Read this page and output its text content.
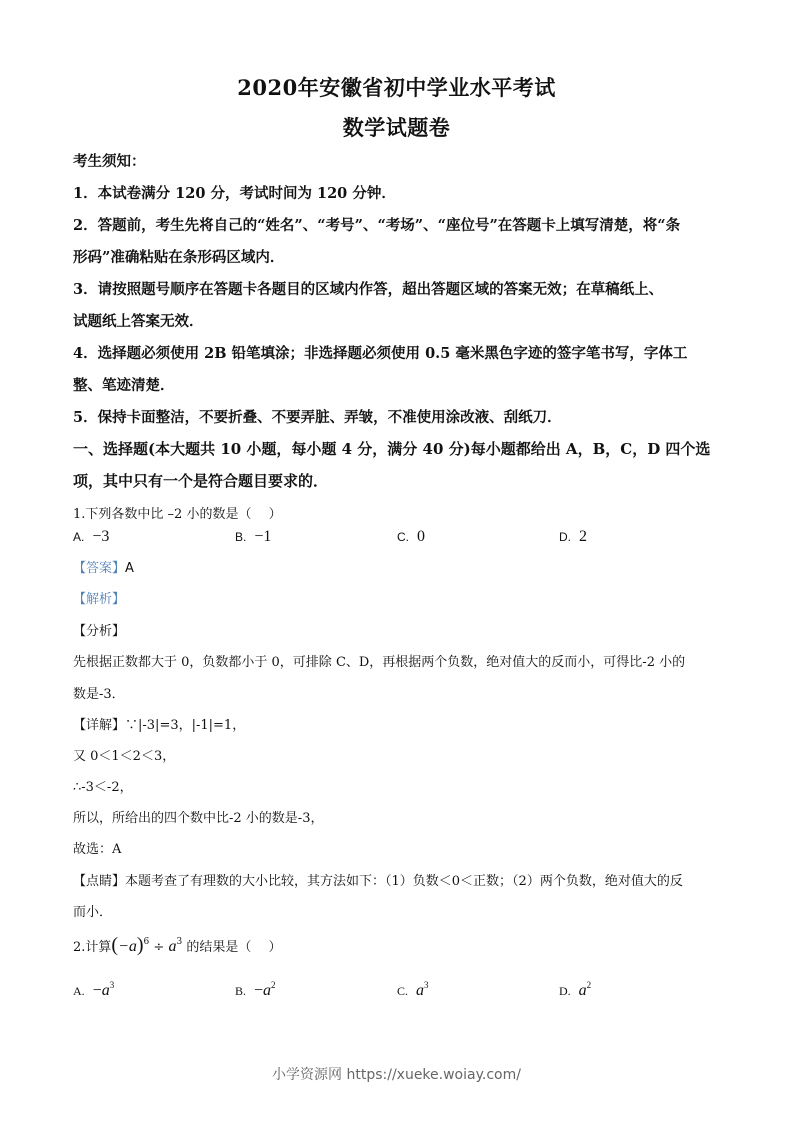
2020年安徽省初中学业水平考试
数学试题卷
考生须知：
1．本试卷满分 120 分，考试时间为 120 分钟．
2．答题前，考生先将自己的“姓名”、“考号”、“考场”、“座位号”在答题卡上填写清楚，将“条
形码”准确粘贴在条形码区域内．
3．请按照题号顺序在答题卡各题目的区域内作答，超出答题区域的答案无效；在草稿纸上、
试题纸上答案无效．
4．选择题必须使用 2B 铅笔填涂；非选择题必须使用 0.5 毫米黑色字迹的签字笔书写，字体工
整、笔迹清楚．
5．保持卡面整洁，不要折叠、不要弄脏、弄皱，不准使用涂改液、刮纸刀．
一、选择题(本大题共 10 小题，每小题 4 分，满分 40 分)每小题都给出 A，B，C，D 四个选
项，其中只有一个是符合题目要求的．
1.下列各数中比 –2 小的数是（　 ）
A. −3	B. −1	C. 0	D. 2
【答案】A
【解析】
【分析】
先根据正数都大于 0，负数都小于 0，可排除 C、D，再根据两个负数，绝对值大的反而小，可得比-2 小的
数是-3．
【详解】∵|-3|=3，|-1|=1，
又 0＜1＜2＜3，
∴-3＜-2，
所以，所给出的四个数中比-2 小的数是-3，
故选：A
【点睛】本题考查了有理数的大小比较，其方法如下：（1）负数＜0＜正数；（2）两个负数，绝对值大的反
而小．
2.计算$(-a)^6 \div a^3$ 的结果是（　 ）
A. $-a^3$	B. $-a^2$	C. $a^3$	D. $a^2$
小学资源网 https://xueke.woiay.com/
